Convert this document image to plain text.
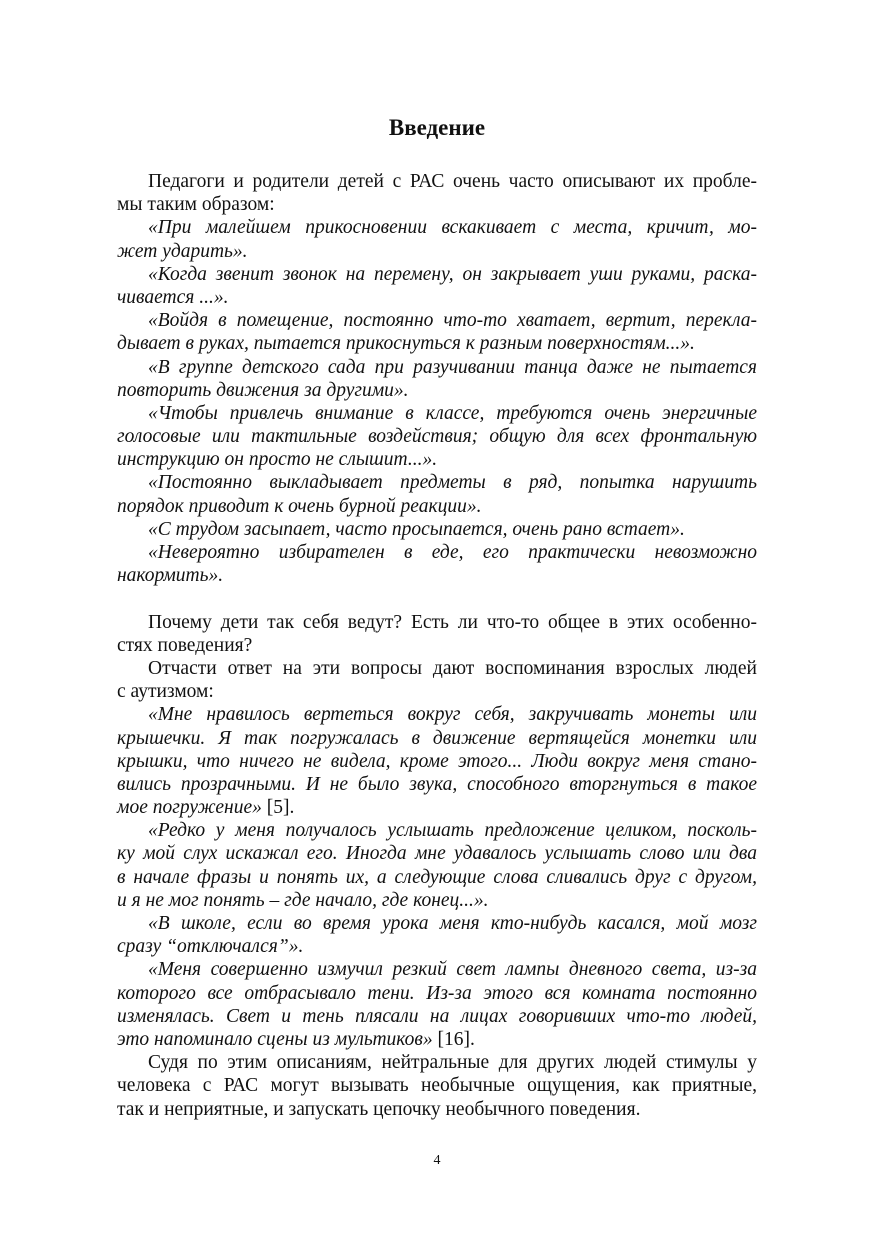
Введение
Педагоги и родители детей с РАС очень часто описывают их пробле-
мы таким образом:
«При малейшем прикосновении вскакивает с места, кричит, мо-
жет ударить».
«Когда звенит звонок на перемену, он закрывает уши руками, раска-
чивается ...».
«Войдя в помещение, постоянно что-то хватает, вертит, перекла-
дывает в руках, пытается прикоснуться к разным поверхностям...».
«В группе детского сада при разучивании танца даже не пытается
повторить движения за другими».
«Чтобы привлечь внимание в классе, требуются очень энергичные
голосовые или тактильные воздействия; общую для всех фронтальную
инструкцию он просто не слышит...».
«Постоянно выкладывает предметы в ряд, попытка нарушить
порядок приводит к очень бурной реакции».
«С трудом засыпает, часто просыпается, очень рано встает».
«Невероятно избирателен в еде, его практически невозможно
накормить».
Почему дети так себя ведут? Есть ли что-то общее в этих особенно-
стях поведения?
Отчасти ответ на эти вопросы дают воспоминания взрослых людей
с аутизмом:
«Мне нравилось вертеться вокруг себя, закручивать монеты или
крышечки. Я так погружалась в движение вертящейся монетки или
крышки, что ничего не видела, кроме этого... Люди вокруг меня стано-
вились прозрачными. И не было звука, способного вторгнуться в такое
мое погружение» [5].
«Редко у меня получалось услышать предложение целиком, посколь-
ку мой слух искажал его. Иногда мне удавалось услышать слово или два
в начале фразы и понять их, а следующие слова сливались друг с другом,
и я не мог понять – где начало, где конец...».
«В школе, если во время урока меня кто-нибудь касался, мой мозг
сразу “отключался”».
«Меня совершенно измучил резкий свет лампы дневного света, из-за
которого все отбрасывало тени. Из-за этого вся комната постоянно
изменялась. Свет и тень плясали на лицах говоривших что-то людей,
это напоминало сцены из мультиков» [16].
Судя по этим описаниям, нейтральные для других людей стимулы у
человека с РАС могут вызывать необычные ощущения, как приятные,
так и неприятные, и запускать цепочку необычного поведения.
4
